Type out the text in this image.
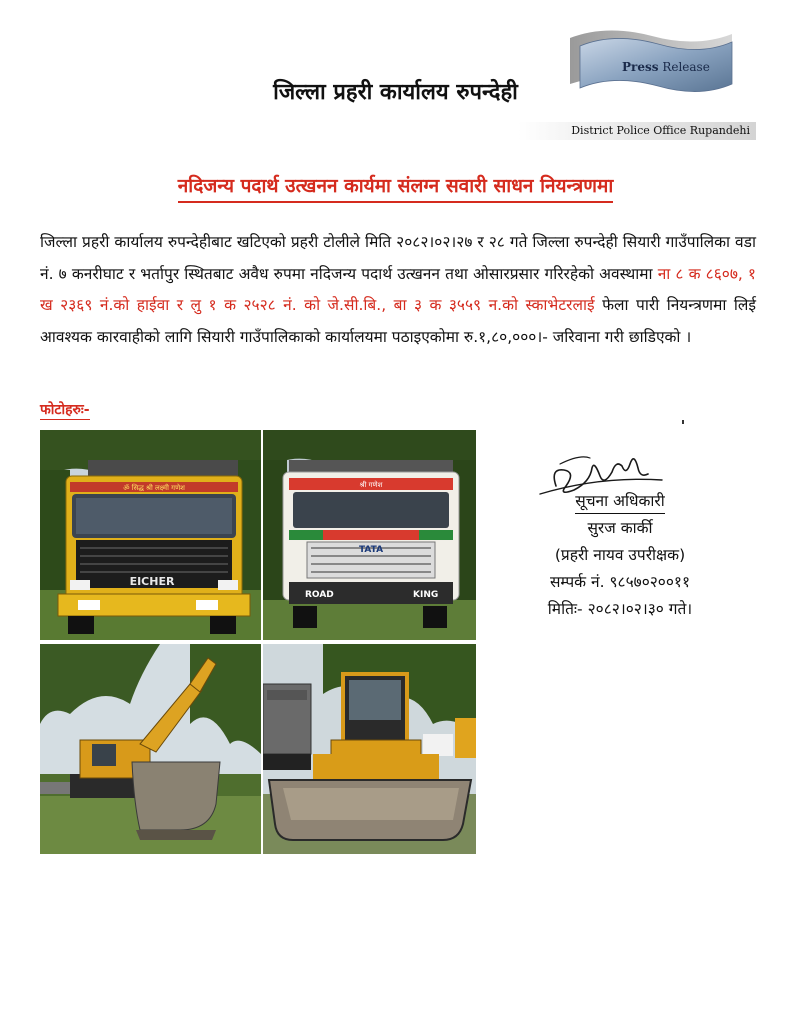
Press Release
जिल्ला प्रहरी कार्यालय रुपन्देही
District Police Office Rupandehi
नदिजन्य पदार्थ उत्खनन कार्यमा संलग्न सवारी साधन नियन्त्रणमा
जिल्ला प्रहरी कार्यालय रुपन्देहीबाट खटिएको प्रहरी टोलीले मिति २०८२।०२।२७ र २८ गते जिल्ला रुपन्देही सियारी गाउँपालिका वडा नं. ७ कनरीघाट र भर्तापुर स्थितबाट अवैध रुपमा नदिजन्य पदार्थ उत्खनन तथा ओसारप्रसार गरिरहेको अवस्थामा ना ८ क ८६०७, १ ख २३६९ नं.को हाईवा र लु १ क २५२८ नं. को जे.सी.बि., बा ३ क ३५५९ न.को स्काभेटरलाई फेला पारी नियन्त्रणमा लिई आवश्यक कारवाहीको लागि सियारी गाउँपालिकाको कार्यालयमा पठाइएकोमा रु.१,८०,०००।- जरिवाना गरी छाडिएको ।
फोटोहरुः-
ॐ सिद्ध श्री लक्ष्मी गणेश
EICHER
श्री गणेश
TATA
ROAD	KING
सूचना अधिकारी
सुरज कार्की
(प्रहरी नायव उपरीक्षक)
सम्पर्क नं. ९८५७०२००११
मितिः- २०८२।०२।३० गते।
